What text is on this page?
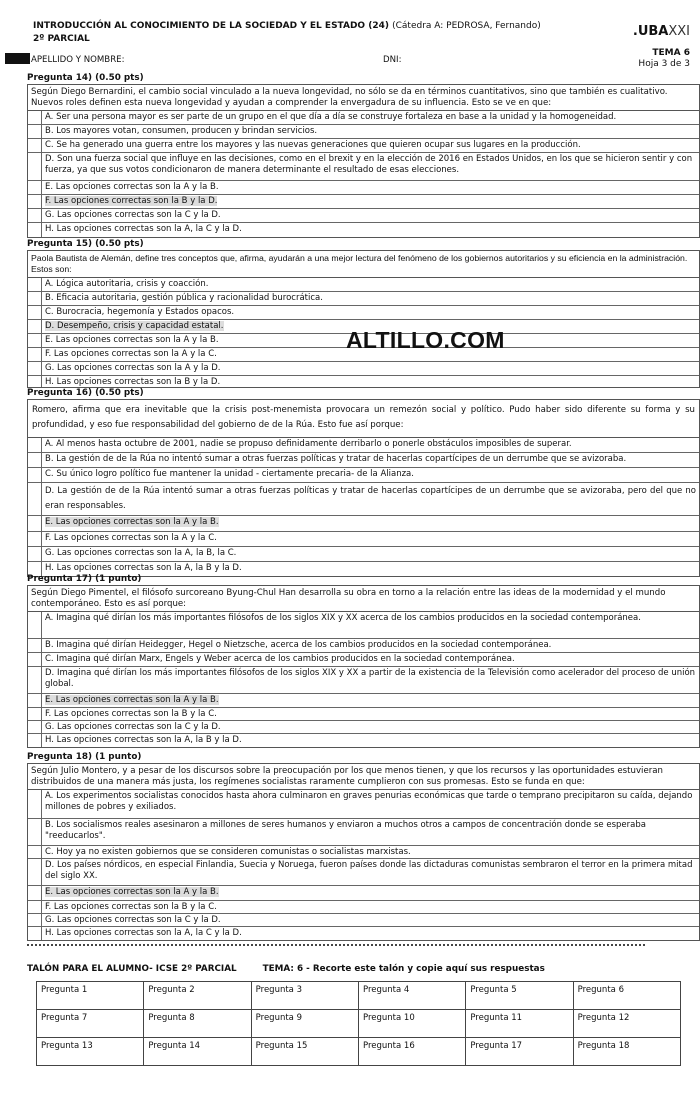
INTRODUCCIÓN AL CONOCIMIENTO DE LA SOCIEDAD Y EL ESTADO (24) (Cátedra A: PEDROSA, Fernando)
2º PARCIAL	.UBAXXI
TEMA 6
Hoja 3 de 3
APELLIDO Y NOMBRE:	DNI:
Pregunta 14) (0.50 pts)
Según Diego Bernardini, el cambio social vinculado a la nueva longevidad, no sólo se da en términos cuantitativos, sino que también es cualitativo. Nuevos roles definen esta nueva longevidad y ayudan a comprender la envergadura de su influencia. Esto se ve en que:
A. Ser una persona mayor es ser parte de un grupo en el que día a día se construye fortaleza en base a la unidad y la homogeneidad.
B. Los mayores votan, consumen, producen y brindan servicios.
C. Se ha generado una guerra entre los mayores y las nuevas generaciones que quieren ocupar sus lugares en la producción.
D. Son una fuerza social que influye en las decisiones, como en el brexit y en la elección de 2016 en Estados Unidos, en los que se hicieron sentir y con fuerza, ya que sus votos condicionaron de manera determinante el resultado de esas elecciones.
E. Las opciones correctas son la A y la B.
F. Las opciones correctas son la B y la D.
G. Las opciones correctas son la C y la D.
H. Las opciones correctas son la A, la C y la D.
Pregunta 15) (0.50 pts)
Paola Bautista de Alemán, define tres conceptos que, afirma, ayudarán a una mejor lectura del fenómeno de los gobiernos autoritarios y su eficiencia en la administración. Estos son:
A. Lógica autoritaria, crisis y coacción.
B. Eficacia autoritaria, gestión pública y racionalidad burocrática.
C. Burocracia, hegemonía y Estados opacos.
D. Desempeño, crisis y capacidad estatal.
E. Las opciones correctas son la A y la B.
F. Las opciones correctas son la A y la C.
G. Las opciones correctas son la A y la D.
H. Las opciones correctas son la B y la D.
ALTILLO.COM
Pregunta 16) (0.50 pts)
Romero, afirma que era inevitable que la crisis post-menemista provocara un remezón social y político. Pudo haber sido diferente su forma y su profundidad, y eso fue responsabilidad del gobierno de de la Rúa. Esto fue así porque:
A. Al menos hasta octubre de 2001, nadie se propuso definidamente derribarlo o ponerle obstáculos imposibles de superar.
B. La gestión de de la Rúa no intentó sumar a otras fuerzas políticas y tratar de hacerlas copartícipes de un derrumbe que se avizoraba.
C. Su único logro político fue mantener la unidad - ciertamente precaria- de la Alianza.
D. La gestión de de la Rúa intentó sumar a otras fuerzas políticas y tratar de hacerlas copartícipes de un derrumbe que se avizoraba, pero del que no eran responsables.
E. Las opciones correctas son la A y la B.
F. Las opciones correctas son la A y la C.
G. Las opciones correctas son la A, la B, la C.
H. Las opciones correctas son la A, la B y la D.
Pregunta 17) (1 punto)
Según Diego Pimentel, el filósofo surcoreano Byung-Chul Han desarrolla su obra en torno a la relación entre las ideas de la modernidad y el mundo contemporáneo. Esto es así porque:
A. Imagina qué dirían los más importantes filósofos de los siglos XIX y XX acerca de los cambios producidos en la sociedad contemporánea.
B. Imagina qué dirían Heidegger, Hegel o Nietzsche, acerca de los cambios producidos en la sociedad contemporánea.
C. Imagina qué dirían Marx, Engels y Weber acerca de los cambios producidos en la sociedad contemporánea.
D. Imagina qué dirían los más importantes filósofos de los siglos XIX y XX a partir de la existencia de la Televisión como acelerador del proceso de unión global.
E. Las opciones correctas son la A y la B.
F. Las opciones correctas son la B y la C.
G. Las opciones correctas son la C y la D.
H. Las opciones correctas son la A, la B y la D.
Pregunta 18) (1 punto)
Según Julio Montero, y a pesar de los discursos sobre la preocupación por los que menos tienen, y que los recursos y las oportunidades estuvieran distribuidos de una manera más justa, los regímenes socialistas raramente cumplieron con sus promesas. Esto se funda en que:
A. Los experimentos socialistas conocidos hasta ahora culminaron en graves penurias económicas que tarde o temprano precipitaron su caída, dejando millones de pobres y exiliados.
B. Los socialismos reales asesinaron a millones de seres humanos y enviaron a muchos otros a campos de concentración donde se esperaba "reeducarlos".
C. Hoy ya no existen gobiernos que se consideren comunistas o socialistas marxistas.
D. Los países nórdicos, en especial Finlandia, Suecia y Noruega, fueron países donde las dictaduras comunistas sembraron el terror en la primera mitad del siglo XX.
E. Las opciones correctas son la A y la B.
F. Las opciones correctas son la B y la C.
G. Las opciones correctas son la C y la D.
H. Las opciones correctas son la A, la C y la D.
TALÓN PARA EL ALUMNO- ICSE 2º PARCIAL	TEMA: 6 - Recorte este talón y copie aquí sus respuestas
Pregunta 1	Pregunta 2	Pregunta 3	Pregunta 4	Pregunta 5	Pregunta 6
Pregunta 7	Pregunta 8	Pregunta 9	Pregunta 10	Pregunta 11	Pregunta 12
Pregunta 13	Pregunta 14	Pregunta 15	Pregunta 16	Pregunta 17	Pregunta 18
